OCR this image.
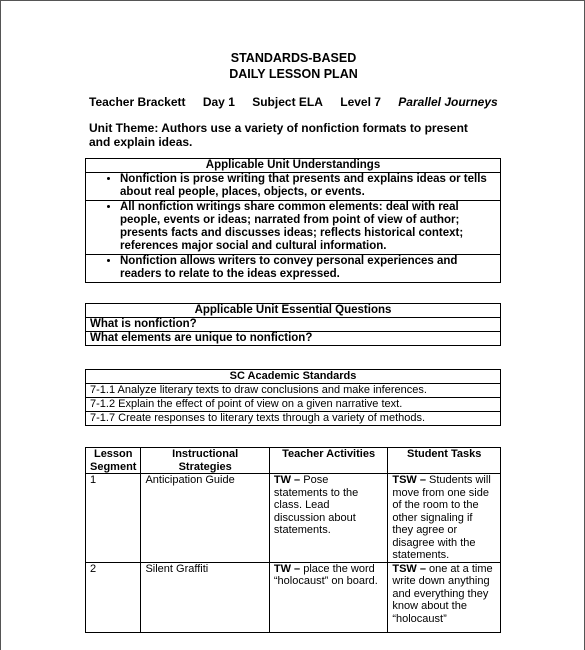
STANDARDS-BASED
DAILY LESSON PLAN
Teacher Brackett Day 1 Subject ELA Level 7 Parallel Journeys
Unit Theme: Authors use a variety of nonfiction formats to present and explain ideas.
Applicable Unit Understandings

• Nonfiction is prose writing that presents and explains ideas or tells about real people, places, objects, or events.

• All nonfiction writings share common elements: deal with real people, events or ideas; narrated from point of view of author; presents facts and discusses ideas; reflects historical context; references major social and cultural information.

• Nonfiction allows writers to convey personal experiences and readers to relate to the ideas expressed.
Applicable Unit Essential Questions
What is nonfiction?
What elements are unique to nonfiction?
SC Academic Standards
7-1.1 Analyze literary texts to draw conclusions and make inferences.
7-1.2 Explain the effect of point of view on a given narrative text.
7-1.7 Create responses to literary texts through a variety of methods.
Lesson Segment	Instructional Strategies	Teacher Activities	Student Tasks
1	Anticipation Guide	TW – Pose statements to the class. Lead discussion about statements.	TSW – Students will move from one side of the room to the other signaling if they agree or disagree with the statements.
2	Silent Graffiti	TW – place the word “holocaust” on board.	TSW – one at a time write down anything and everything they know about the “holocaust”
